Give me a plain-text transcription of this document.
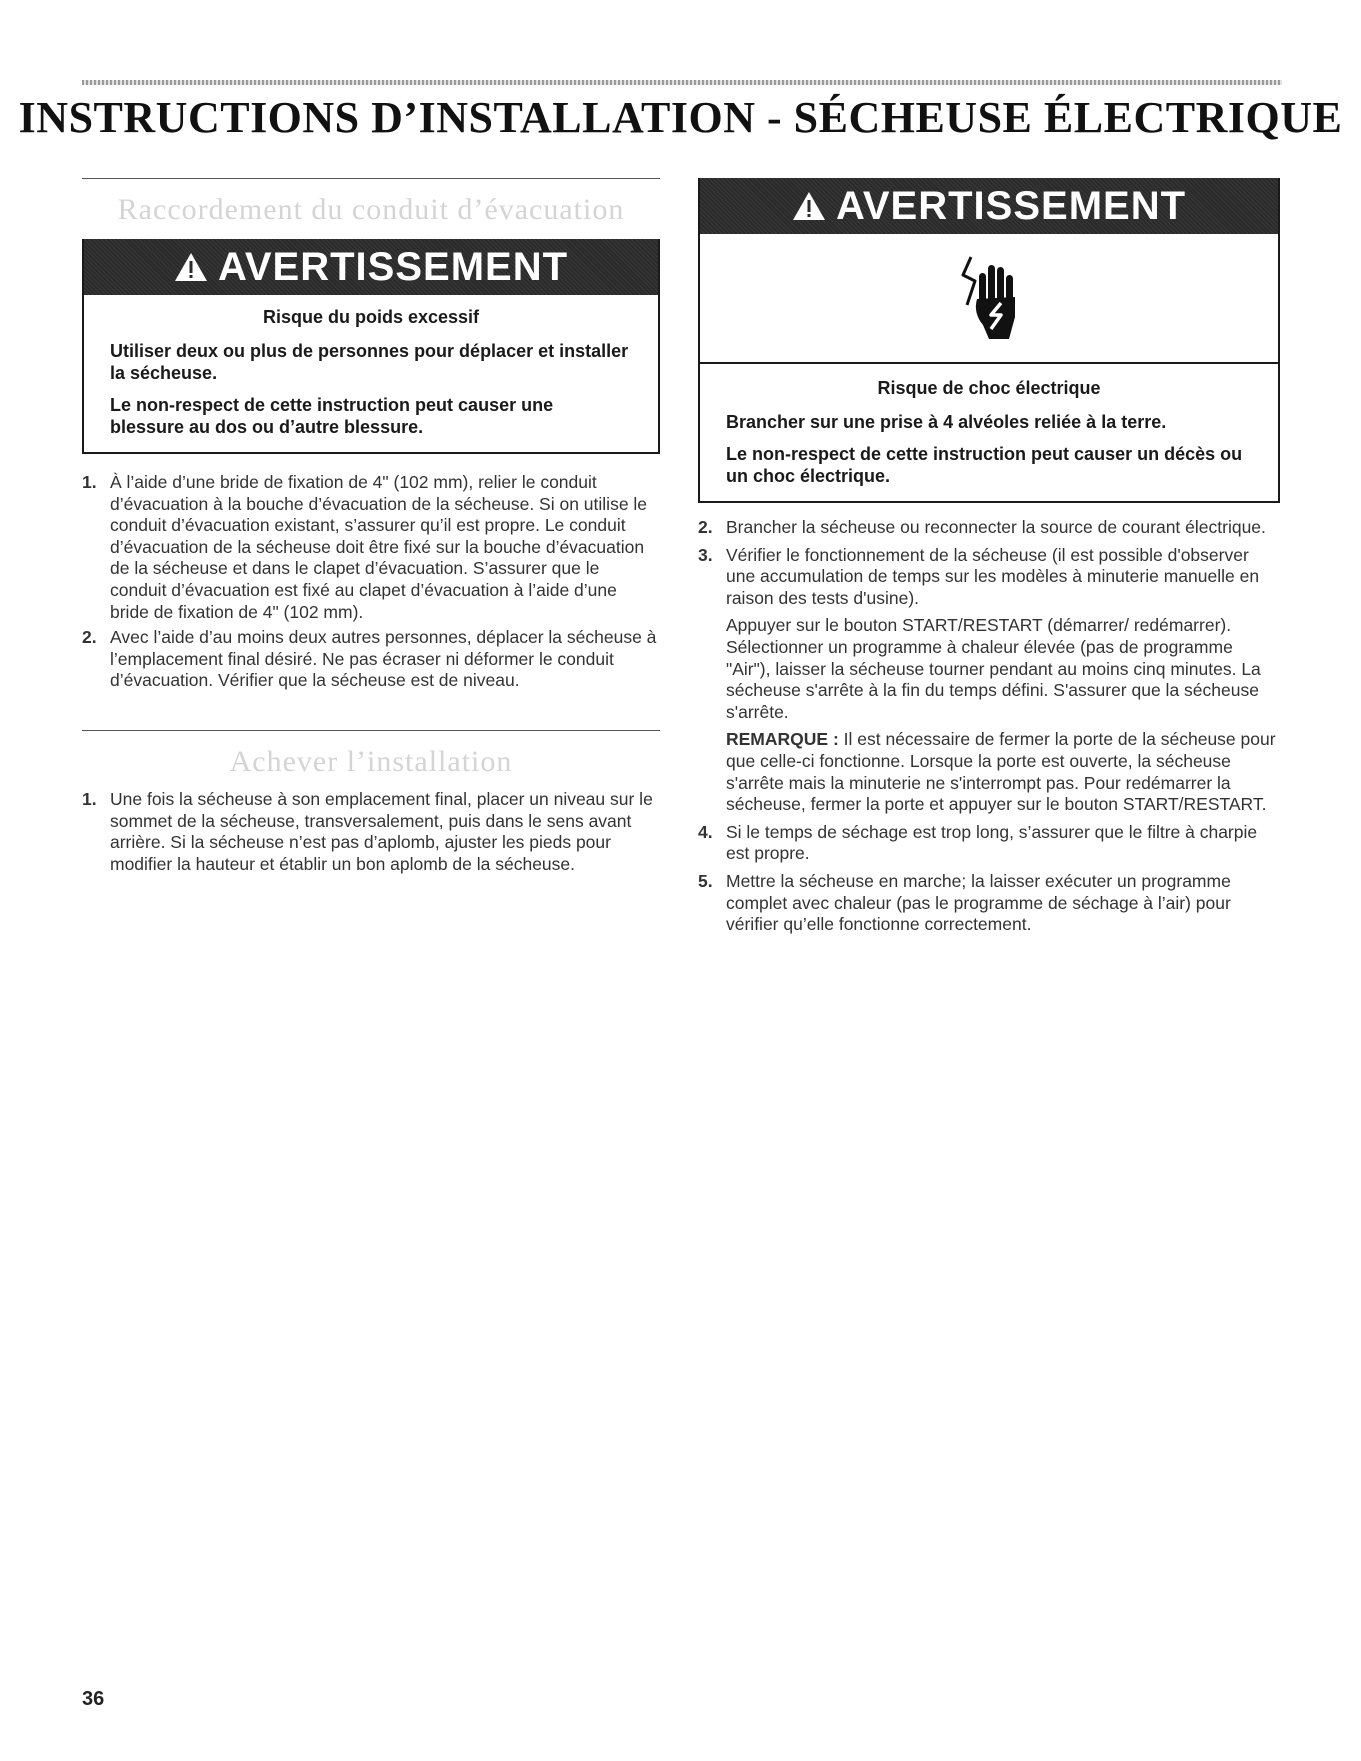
INSTRUCTIONS D’INSTALLATION - SÉCHEUSE ÉLECTRIQUE
Raccordement du conduit d’évacuation
AVERTISSEMENT

Risque du poids excessif

Utiliser deux ou plus de personnes pour déplacer et installer la sécheuse.

Le non-respect de cette instruction peut causer une blessure au dos ou d’autre blessure.

1. À l’aide d’une bride de fixation de 4" (102 mm), relier le conduit d’évacuation à la bouche d’évacuation de la sécheuse. Si on utilise le conduit d’évacuation existant, s’assurer qu’il est propre. Le conduit d’évacuation de la sécheuse doit être fixé sur la bouche d’évacuation de la sécheuse et dans le clapet d’évacuation. S’assurer que le conduit d’évacuation est fixé au clapet d’évacuation à l’aide d’une bride de fixation de 4" (102 mm).

2. Avec l’aide d’au moins deux autres personnes, déplacer la sécheuse à l’emplacement final désiré. Ne pas écraser ni déformer le conduit d’évacuation. Vérifier que la sécheuse est de niveau.

Achever l’installation
1. Une fois la sécheuse à son emplacement final, placer un niveau sur le sommet de la sécheuse, transversalement, puis dans le sens avant arrière. Si la sécheuse n’est pas d’aplomb, ajuster les pieds pour modifier la hauteur et établir un bon aplomb de la sécheuse.

AVERTISSEMENT

Risque de choc électrique

Brancher sur une prise à 4 alvéoles reliée à la terre.

Le non-respect de cette instruction peut causer un décès ou un choc électrique.

2. Brancher la sécheuse ou reconnecter la source de courant électrique.

3. Vérifier le fonctionnement de la sécheuse (il est possible d'observer une accumulation de temps sur les modèles à minuterie manuelle en raison des tests d'usine).

Appuyer sur le bouton START/RESTART (démarrer/ redémarrer). Sélectionner un programme à chaleur élevée (pas de programme "Air"), laisser la sécheuse tourner pendant au moins cinq minutes. La sécheuse s'arrête à la fin du temps défini. S'assurer que la sécheuse s'arrête.

REMARQUE : Il est nécessaire de fermer la porte de la sécheuse pour que celle-ci fonctionne. Lorsque la porte est ouverte, la sécheuse s'arrête mais la minuterie ne s'interrompt pas. Pour redémarrer la sécheuse, fermer la porte et appuyer sur le bouton START/RESTART.

4. Si le temps de séchage est trop long, s’assurer que le filtre à charpie est propre.

5. Mettre la sécheuse en marche; la laisser exécuter un programme complet avec chaleur (pas le programme de séchage à l’air) pour vérifier qu’elle fonctionne correctement.

36
